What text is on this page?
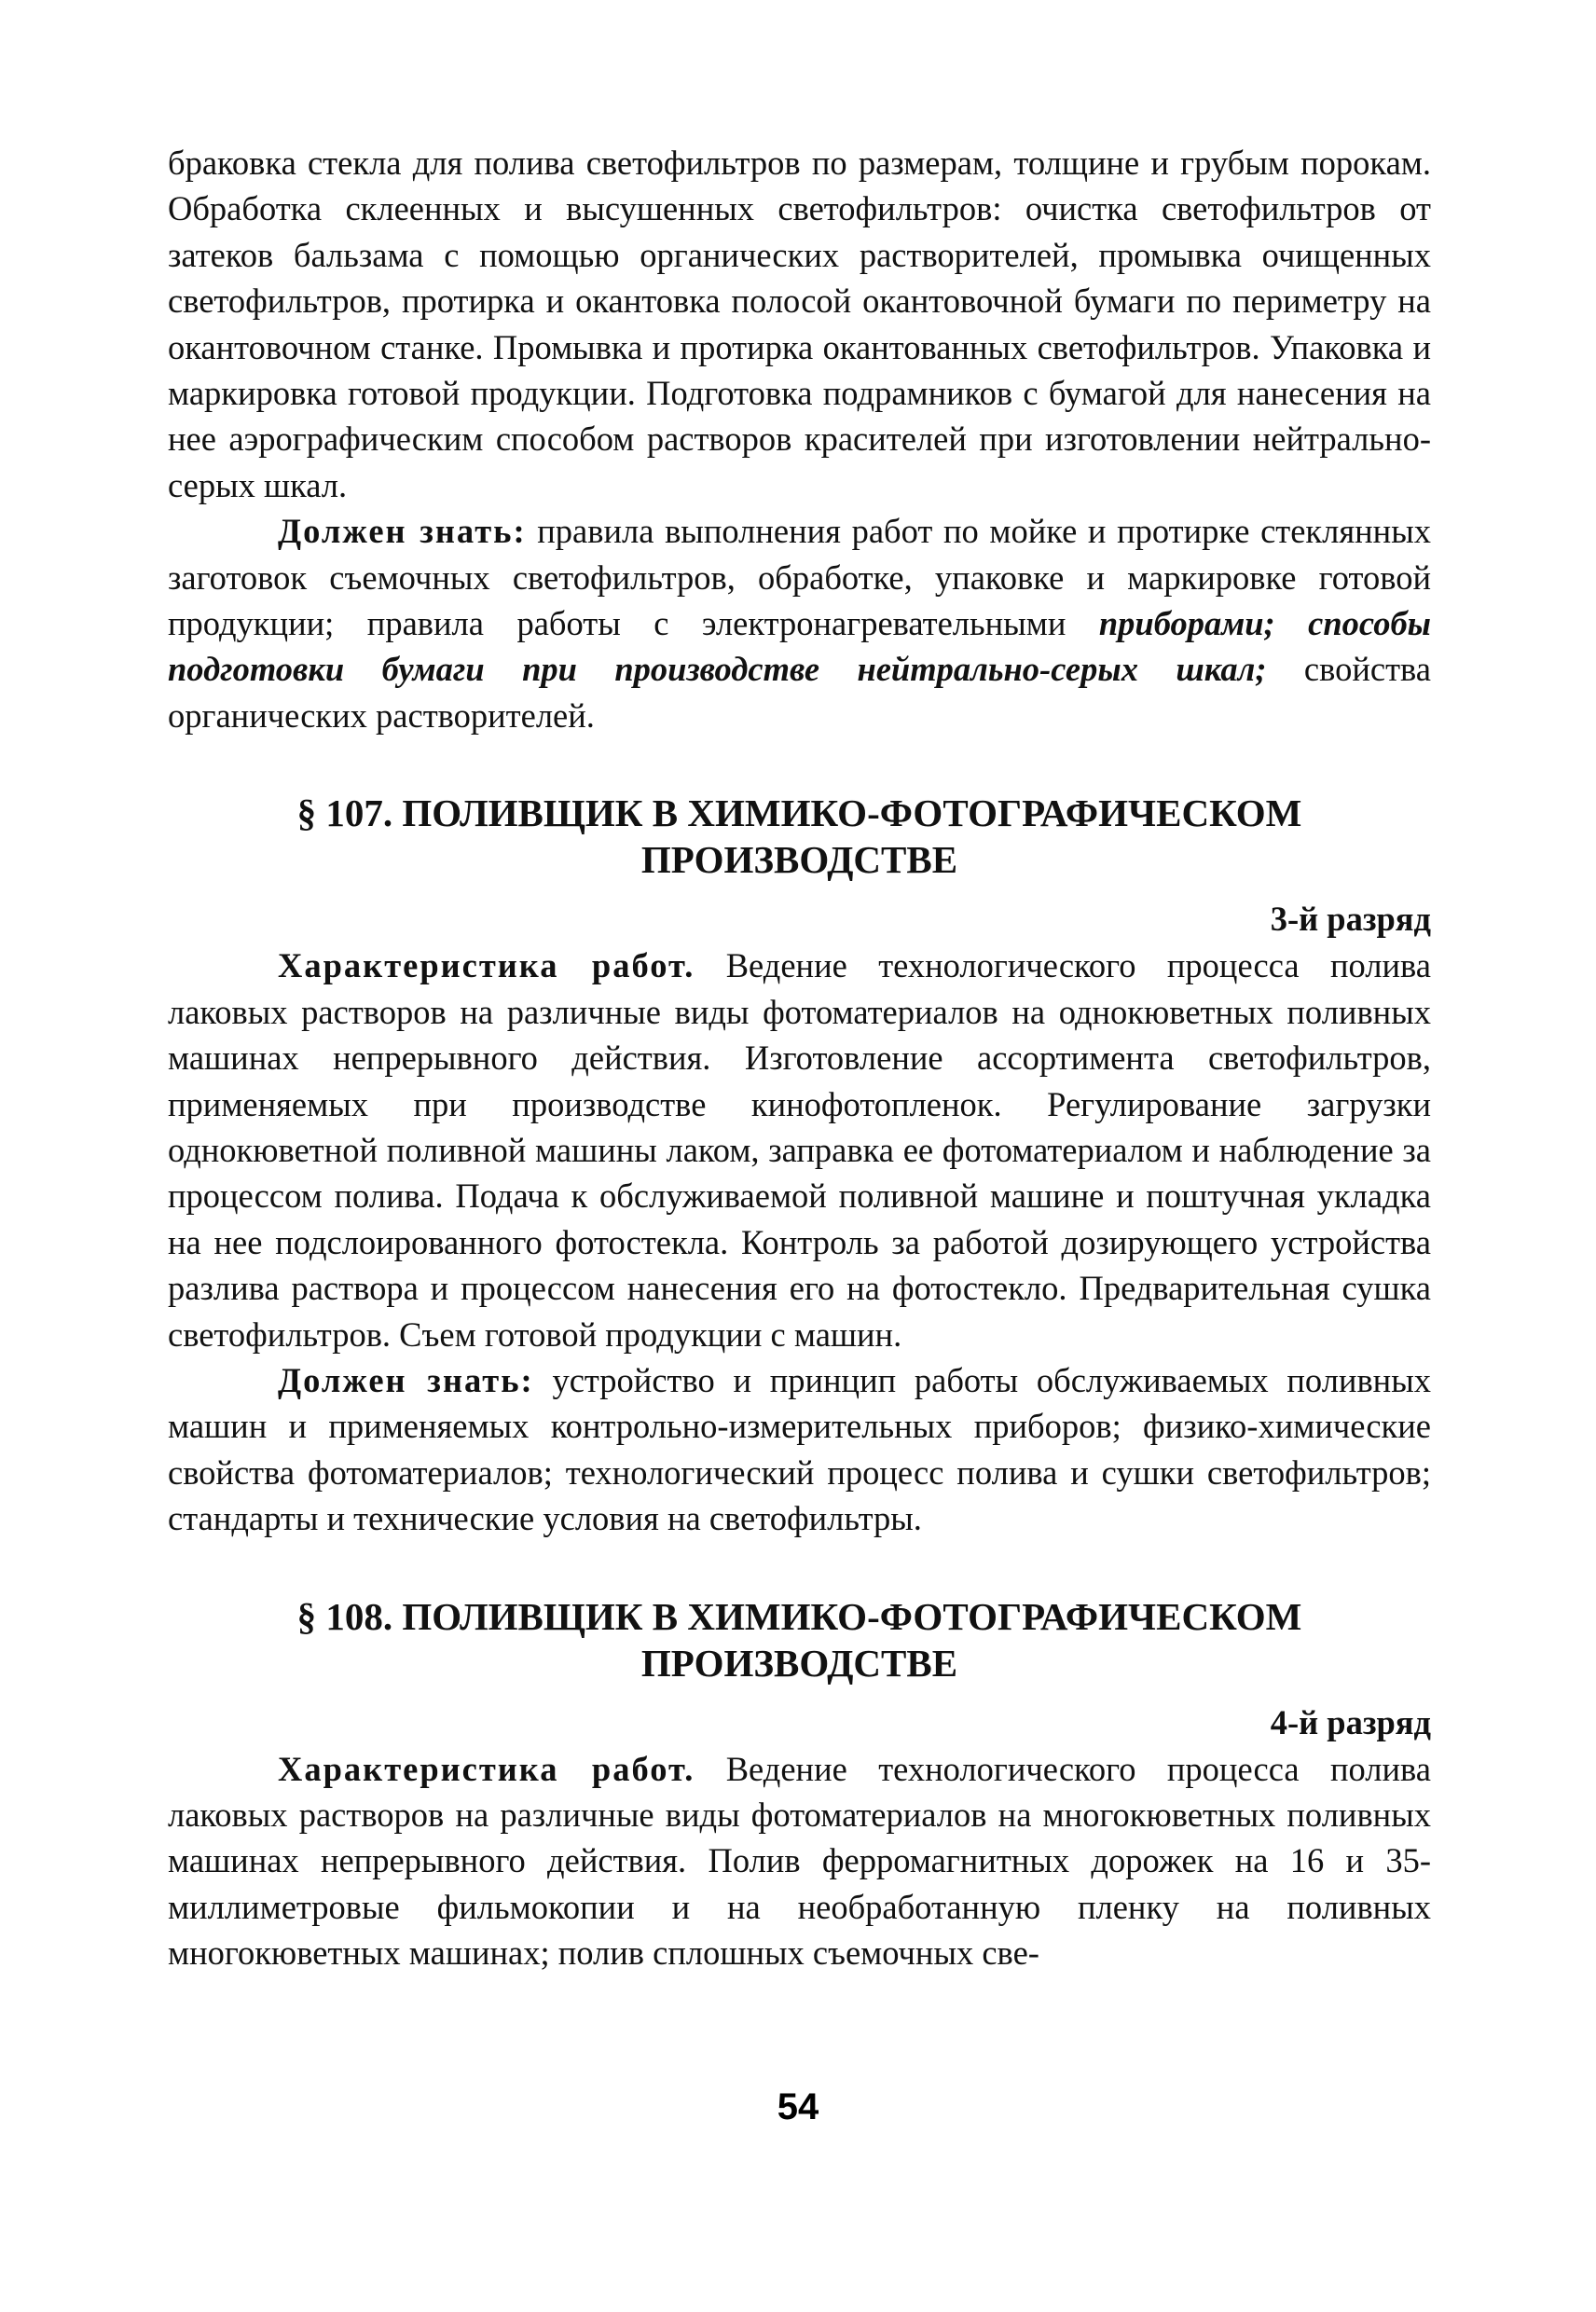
браковка стекла для полива светофильтров по размерам, толщине и грубым порокам. Обработка склеенных и высушенных светофильтров: очистка светофильтров от затеков бальзама с помощью органических растворителей, промывка очищенных светофильтров, протирка и окантовка полосой окантовочной бумаги по периметру на окантовочном станке. Промывка и протирка окантованных светофильтров. Упаковка и маркировка готовой продукции. Подготовка подрамников с бумагой для нанесения на нее аэрографическим способом растворов красителей при изготовлении нейтрально-серых шкал.

Должен знать: правила выполнения работ по мойке и протирке стеклянных заготовок съемочных светофильтров, обработке, упаковке и маркировке готовой продукции; правила работы с электронагревательными приборами; способы подготовки бумаги при производстве нейтрально-серых шкал; свойства органических растворителей.

§ 107. ПОЛИВЩИК В ХИМИКО-ФОТОГРАФИЧЕСКОМ
ПРОИЗВОДСТВЕ
3-й разряд

Характеристика работ. Ведение технологического процесса полива лаковых растворов на различные виды фотоматериалов на однокюветных поливных машинах непрерывного действия. Изготовление ассортимента светофильтров, применяемых при производстве кинофотопленок. Регулирование загрузки однокюветной поливной машины лаком, заправка ее фотоматериалом и наблюдение за процессом полива. Подача к обслуживаемой поливной машине и поштучная укладка на нее подслоированного фотостекла. Контроль за работой дозирующего устройства разлива раствора и процессом нанесения его на фотостекло. Предварительная сушка светофильтров. Съем готовой продукции с машин.

Должен знать: устройство и принцип работы обслуживаемых поливных машин и применяемых контрольно-измерительных приборов; физико-химические свойства фотоматериалов; технологический процесс полива и сушки светофильтров; стандарты и технические условия на светофильтры.

§ 108. ПОЛИВЩИК В ХИМИКО-ФОТОГРАФИЧЕСКОМ
ПРОИЗВОДСТВЕ
4-й разряд

Характеристика работ. Ведение технологического процесса полива лаковых растворов на различные виды фотоматериалов на многокюветных поливных машинах непрерывного действия. Полив ферромагнитных дорожек на 16 и 35- миллиметровые фильмокопии и на необработанную пленку на поливных многокюветных машинах; полив сплошных съемочных све-

54
